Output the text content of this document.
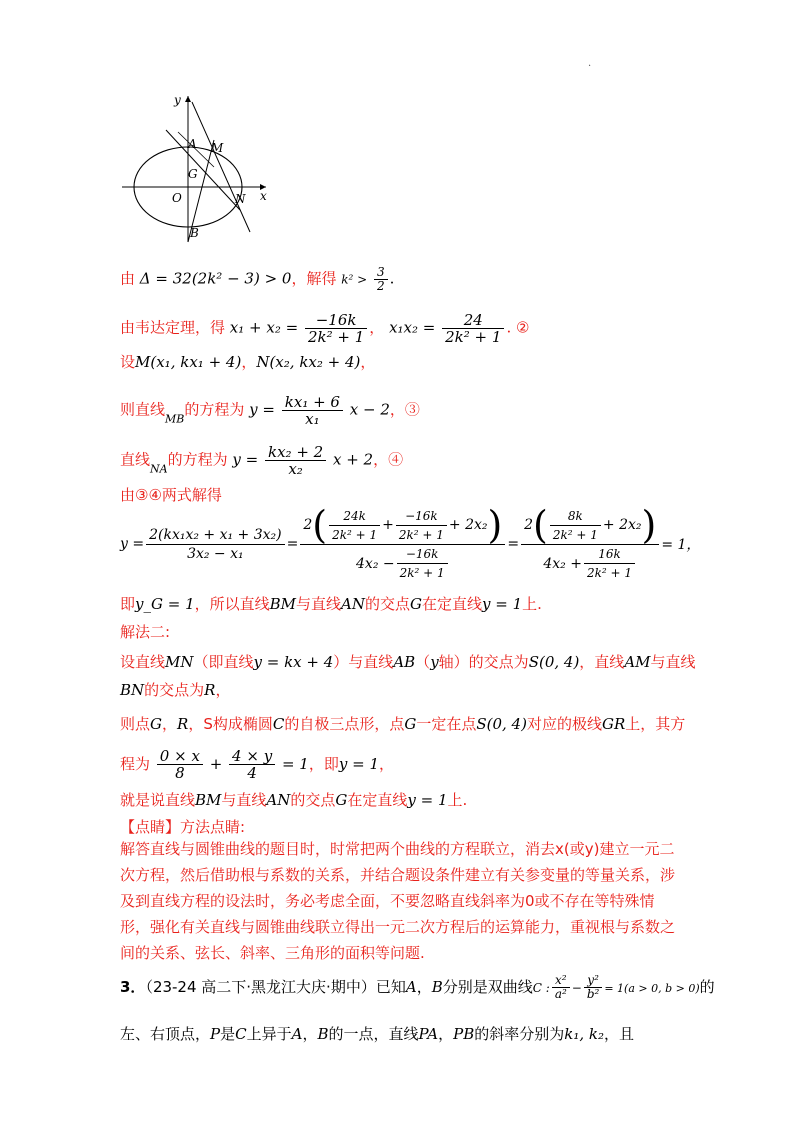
.
y
x
A M
G
O	N
B
由 Δ = 32(2k² − 3) > 0，解得 $k^2 > \frac{3}{2}$ .
由韦达定理，得 $x_1 + x_2 = \frac{-16k}{\text{2k² + 1}}$ ， $x_1x_2 = \frac{24}{\text{2k² + 1}}$ . ②
设M(x₁, kx₁ + 4)，N(x₂, kx₂ + 4)，
则直线$_{MB}$的方程为 $y = \frac{\text{kx₁ + 6}}{\text{x₁}}$ x − 2，③
直线$_{NA}$的方程为 $y = \frac{\text{kx₂ + 2}}{\text{x₂}}$ x + 2，④
由③④两式解得
$y = \frac{\text{2(kx₁x₂ + x₁ + 3x₂)}}{\text{3x₂ − x₁}}$ =
2 ( $\frac{24k}{\text{2k² + 1}} + \frac{-16k}{\text{2k² + 1}} + 2x_2$ )
$4x_2 - \frac{-16k}{\text{2k² + 1}}$
= $\frac{2 ( \frac{8k}{\text{2k² + 1}} + 2x_2 )}{4x_2 + \frac{16k}{\text{2k² + 1}}} = 1$，
即y_G = 1，所以直线BM与直线AN的交点G在定直线y = 1上.
解法二:
设直线MN（即直线y = kx + 4）与直线AB（y轴）的交点为S(0, 4)，直线AM与直线
BN的交点为R，
则点G，R，S构成椭圆C的自极三点形，点G一定在点S(0, 4)对应的极线GR上，其方
程为 $\frac{0 \times x}{8} + \frac{4 \times y}{4} = 1$，即y = 1，
就是说直线BM与直线AN的交点G在定直线y = 1上.
【点睛】方法点睛:
解答直线与圆锥曲线的题目时，时常把两个曲线的方程联立，消去x(或y)建立一元二次方程，然后借助根与系数的关系，并结合题设条件建立有关参变量的等量关系，涉及到直线方程的设法时，务必考虑全面，不要忽略直线斜率为0或不存在等特殊情形，强化有关直线与圆锥曲线联立得出一元二次方程后的运算能力，重视根与系数之间的关系、弦长、斜率、三角形的面积等问题.
3．（23-24 高二下·黑龙江大庆·期中）已知A，B分别是双曲线C : $\frac{\text{x²}}{\text{a²}} - \frac{\text{y²}}{\text{b²}} = 1(a > 0$, b > 0)的
左、右顶点，P是C上异于A，B的一点，直线PA，PB的斜率分别为k₁, k₂，且
